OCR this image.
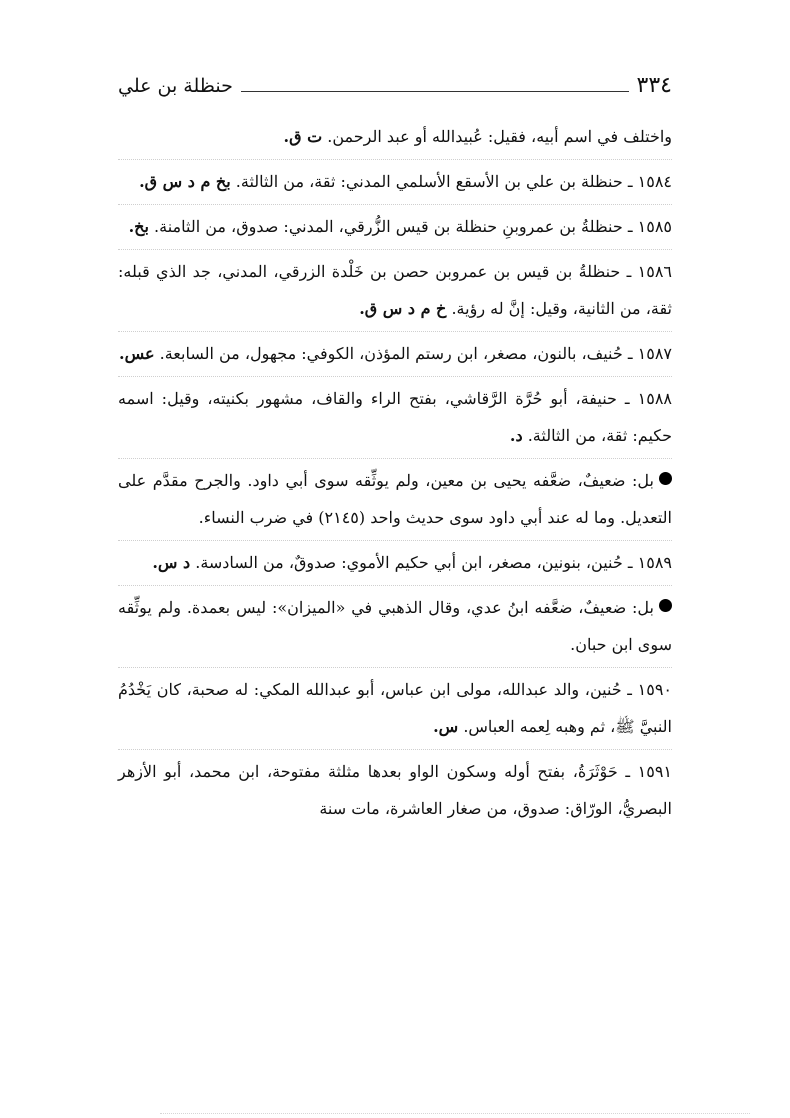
٣٣٤
حنظلة بن علي

واختلف في اسم أبيه، فقيل: عُبيدالله أو عبد الرحمن. ت ق.

١٥٨٤ ـ حنظلة بن علي بن الأسقع الأسلمي المدني: ثقة، من الثالثة. بخ م د س ق.

١٥٨٥ ـ حنظلةُ بن عمروبنِ حنظلة بن قيس الزُّرقي، المدني: صدوق، من الثامنة. بخ.

١٥٨٦ ـ حنظلةُ بن قيس بن عمروبن حصن بن خَلْدة الزرقي، المدني، جد الذي قبله: ثقة، من الثانية، وقيل: إنَّ له رؤية. خ م د س ق.

١٥٨٧ ـ حُنيف، بالنون، مصغر، ابن رستم المؤذن، الكوفي: مجهول، من السابعة. عس.

١٥٨٨ ـ حنيفة، أبو حُرَّة الرَّقاشي، بفتح الراء والقاف، مشهور بكنيته، وقيل: اسمه حكيم: ثقة، من الثالثة. د.

بل: ضعيفٌ، ضعَّفه يحيى بن معين، ولم يوثِّقه سوى أبي داود. والجرح مقدَّم على التعديل. وما له عند أبي داود سوى حديث واحد (٢١٤٥) في ضرب النساء.

١٥٨٩ ـ حُنين، بنونين، مصغر، ابن أبي حكيم الأموي: صدوقٌ، من السادسة. د س.

بل: ضعيفٌ، ضعَّفه ابنُ عدي، وقال الذهبي في «الميزان»: ليس بعمدة. ولم يوثِّقه سوى ابن حبان.

١٥٩٠ ـ حُنين، والد عبدالله، مولى ابن عباس، أبو عبدالله المكي: له صحبة، كان يَخْدُمُ النبيَّ ﷺ، ثم وهبه لِعمه العباس. س.

١٥٩١ ـ حَوْثَرَةُ، بفتح أوله وسكون الواو بعدها مثلثة مفتوحة، ابن محمد، أبو الأزهر البصريُّ، الورّاق: صدوق، من صغار العاشرة، مات سنة
